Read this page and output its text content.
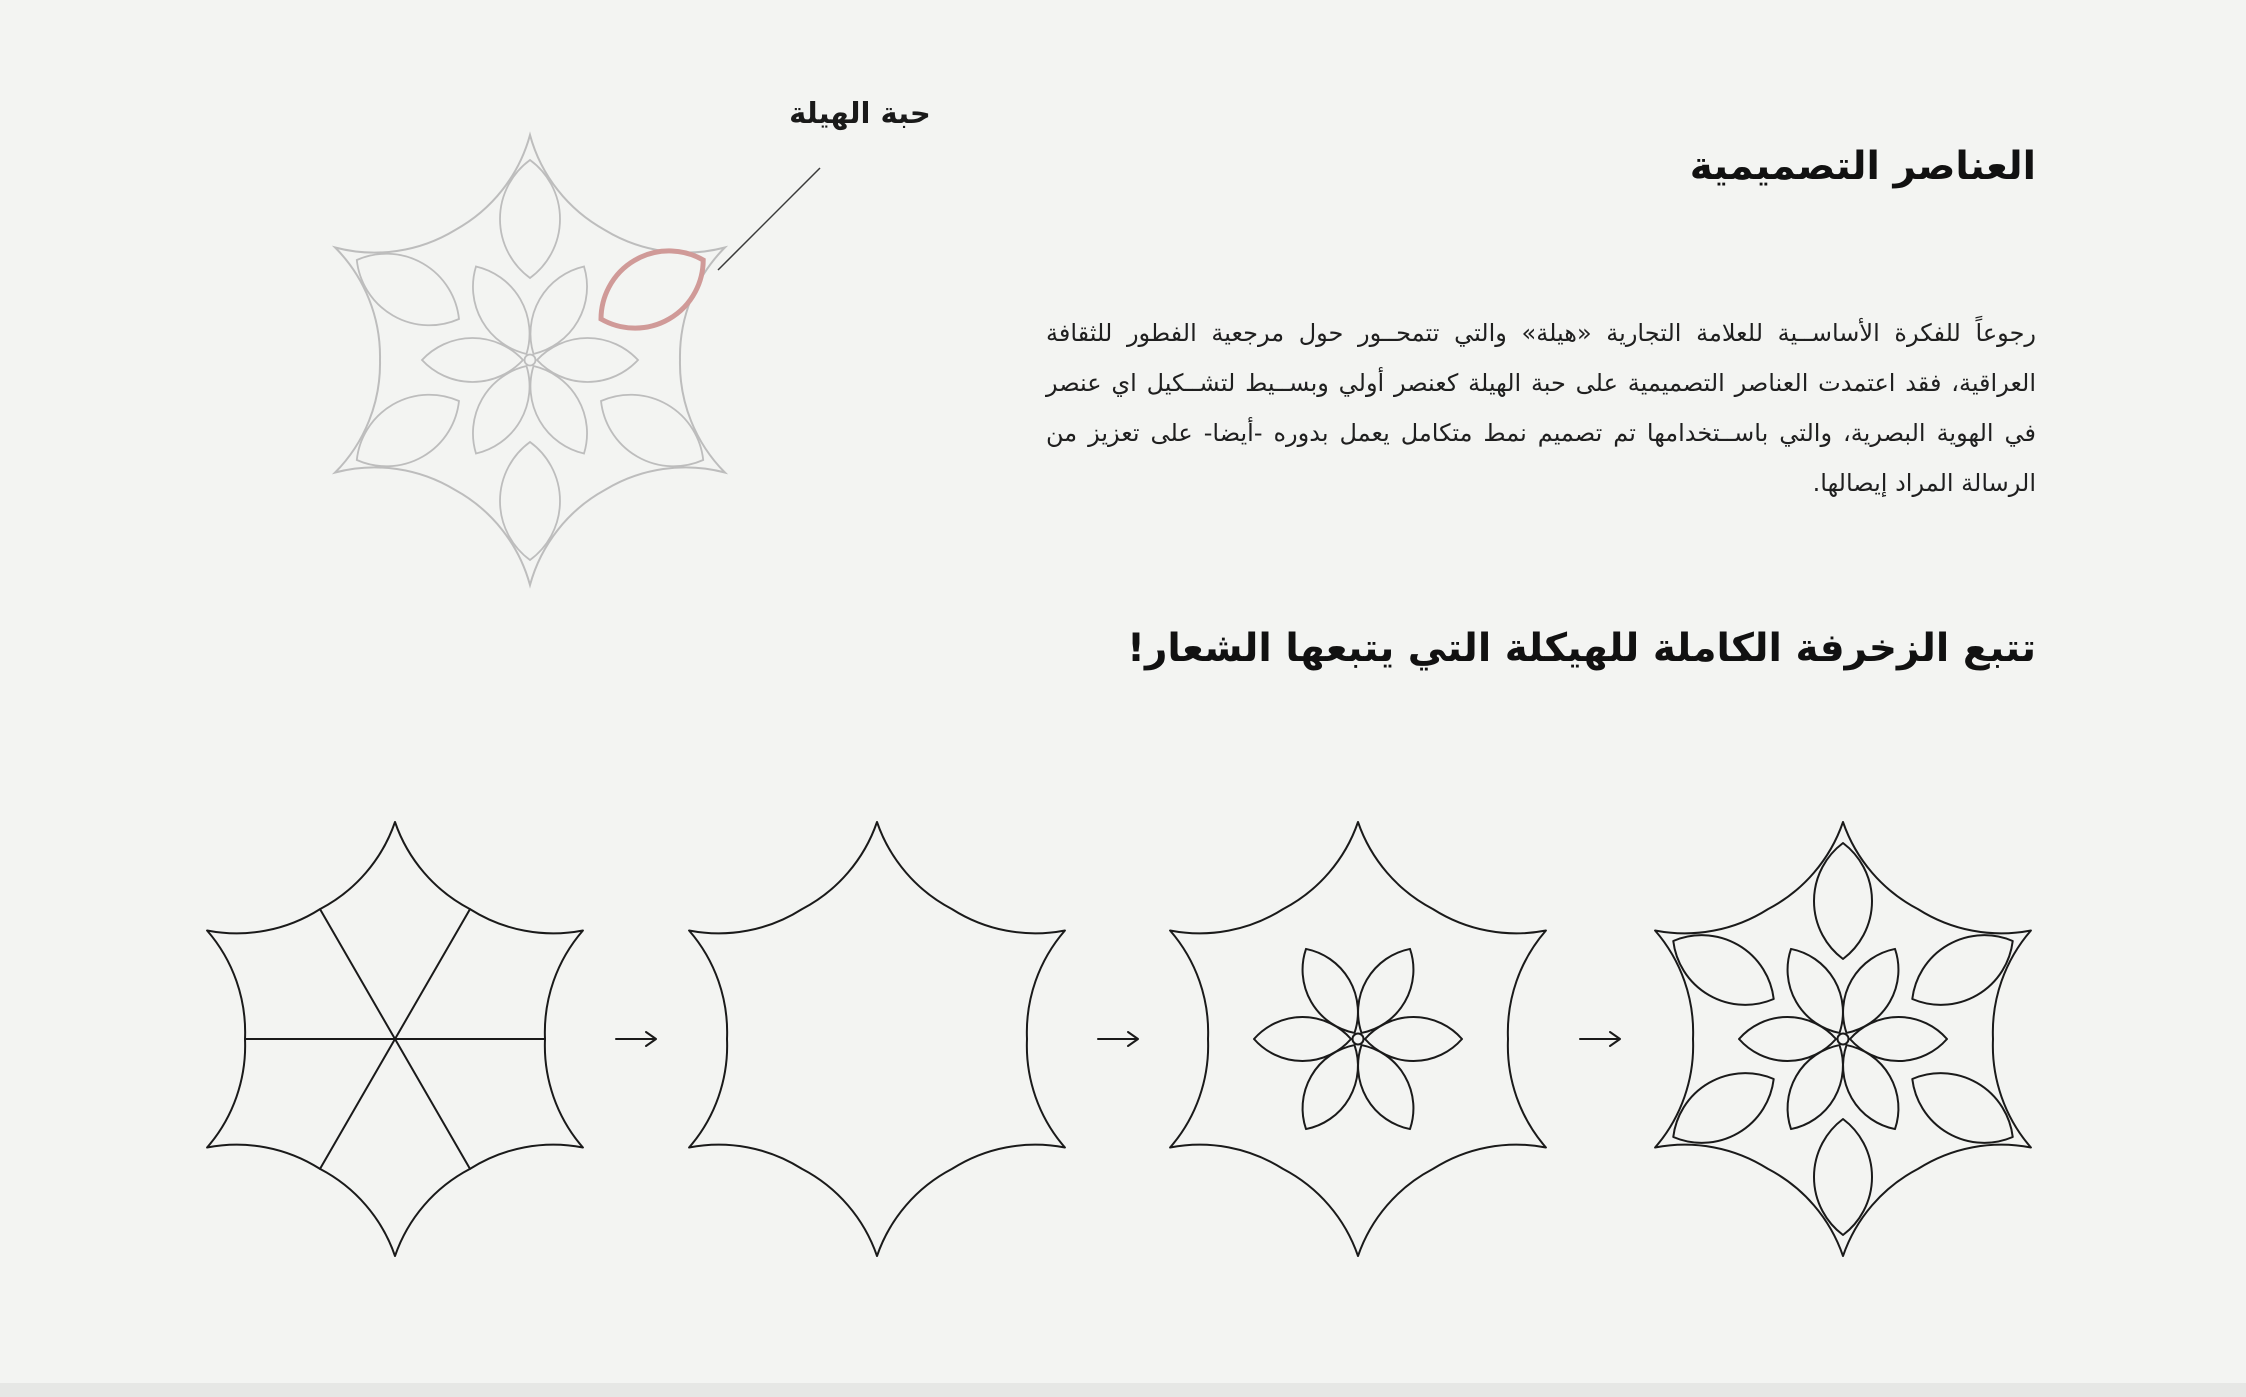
حبة الهيلة
العناصر التصميمية

رجوعاً للفكرة الأساســية للعلامة التجارية «هيلة» والتي تتمحــور حول مرجعية الفطور للثقافة العراقية، فقد اعتمدت العناصر التصميمية على حبة الهيلة كعنصر أولي وبســيط لتشــكيل اي عنصر في الهوية البصرية، والتي باســتخدامها تم تصميم نمط متكامل يعمل بدوره -أيضا- على تعزيز من الرسالة المراد إيصالها.

تتبع الزخرفة الكاملة للهيكلة التي يتبعها الشعار!
